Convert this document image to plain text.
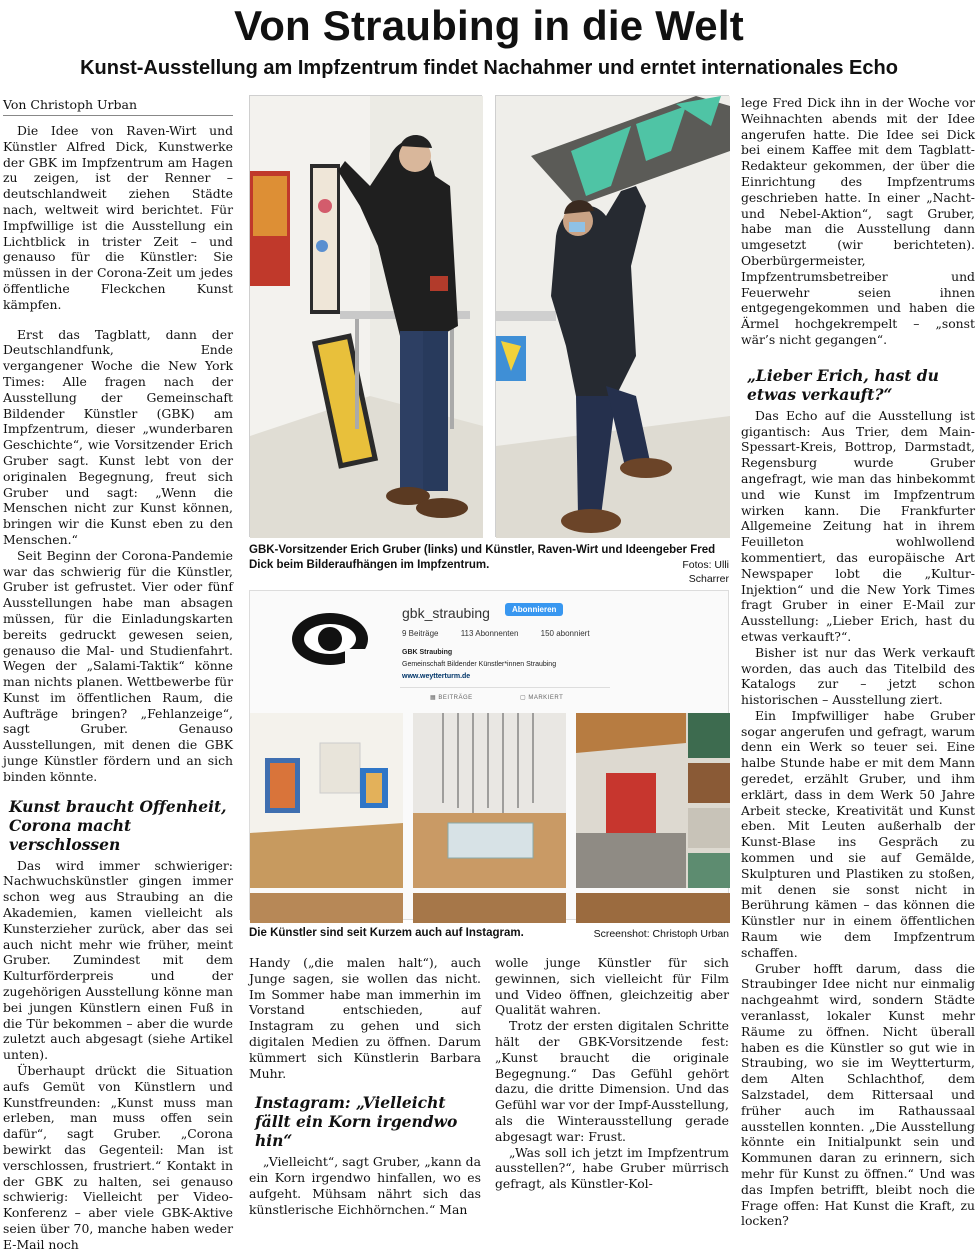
Von Straubing in die Welt
Kunst-Ausstellung am Impfzentrum findet Nachahmer und erntet internationales Echo
Von Christoph Urban

Die Idee von Raven-Wirt und Künstler Alfred Dick, Kunstwerke der GBK im Impfzentrum am Hagen zu zeigen, ist der Renner – deutschlandweit ziehen Städte nach, weltweit wird berichtet. Für Impfwillige ist die Ausstellung ein Lichtblick in trister Zeit – und genauso für die Künstler: Sie müssen in der Corona-Zeit um jedes öffentliche Fleckchen Kunst kämpfen.

Erst das Tagblatt, dann der Deutschlandfunk, Ende vergangener Woche die New York Times: Alle fragen nach der Ausstellung der Gemeinschaft Bildender Künstler (GBK) am Impfzentrum, dieser „wunderbaren Geschichte“, wie Vorsitzender Erich Gruber sagt. Kunst lebt von der originalen Begegnung, freut sich Gruber und sagt: „Wenn die Menschen nicht zur Kunst können, bringen wir die Kunst eben zu den Menschen.“

Seit Beginn der Corona-Pandemie war das schwierig für die Künstler, Gruber ist gefrustet. Vier oder fünf Ausstellungen habe man absagen müssen, für die Einladungskarten bereits gedruckt gewesen seien, genauso die Mal- und Studienfahrt. Wegen der „Salami-Taktik“ könne man nichts planen. Wettbewerbe für Kunst im öffentlichen Raum, die Aufträge bringen? „Fehlanzeige“, sagt Gruber. Genauso Ausstellungen, mit denen die GBK junge Künstler fördern und an sich binden könnte.

Kunst braucht Offenheit, Corona macht verschlossen

Das wird immer schwieriger: Nachwuchskünstler gingen immer schon weg aus Straubing an die Akademien, kamen vielleicht als Kunsterzieher zurück, aber das sei auch nicht mehr wie früher, meint Gruber. Zumindest mit dem Kulturförderpreis und der zugehörigen Ausstellung könne man bei jungen Künstlern einen Fuß in die Tür bekommen – aber die wurde zuletzt auch abgesagt (siehe Artikel unten).

Überhaupt drückt die Situation aufs Gemüt von Künstlern und Kunstfreunden: „Kunst muss man erleben, man muss offen sein dafür“, sagt Gruber. „Corona bewirkt das Gegenteil: Man ist verschlossen, frustriert.“ Kontakt in der GBK zu halten, sei genauso schwierig: Vielleicht per Video-Konferenz – aber viele GBK-Aktive seien über 70, manche haben weder E-Mail noch

GBK-Vorsitzender Erich Gruber (links) und Künstler, Raven-Wirt und Ideengeber Fred Dick beim Bilderaufhängen im Impfzentrum.	Fotos: Ulli Scharrer
gbk_straubing	Abonnieren
9 Beiträge	113 Abonnenten	150 abonniert
GBK Straubing
Gemeinschaft Bildender Künstler*innen Straubing
www.weytterturm.de
▦ BEITRÄGE	▢ MARKIERT
Die Künstler sind seit Kurzem auch auf Instagram.	Screenshot: Christoph Urban

Handy („die malen halt“), auch Junge sagen, sie wollen das nicht. Im Sommer habe man immerhin im Vorstand entschieden, auf Instagram zu gehen und sich digitalen Medien zu öffnen. Darum kümmert sich Künstlerin Barbara Muhr.

Instagram: „Vielleicht fällt ein Korn irgendwo hin“

„Vielleicht“, sagt Gruber, „kann da ein Korn irgendwo hinfallen, wo es aufgeht. Mühsam nährt sich das künstlerische Eichhörnchen.“ Man

wolle junge Künstler für sich gewinnen, sich vielleicht für Film und Video öffnen, gleichzeitig aber Qualität wahren.

Trotz der ersten digitalen Schritte hält der GBK-Vorsitzende fest: „Kunst braucht die originale Begegnung.“ Das Gefühl gehört dazu, die dritte Dimension. Und das Gefühl war vor der Impf-Ausstellung, als die Winterausstellung gerade abgesagt war: Frust.

„Was soll ich jetzt im Impfzentrum ausstellen?“, habe Gruber mürrisch gefragt, als Künstler-Kol-

lege Fred Dick ihn in der Woche vor Weihnachten abends mit der Idee angerufen hatte. Die Idee sei Dick bei einem Kaffee mit dem Tagblatt-Redakteur gekommen, der über die Einrichtung des Impfzentrums geschrieben hatte. In einer „Nacht- und Nebel-Aktion“, sagt Gruber, habe man die Ausstellung dann umgesetzt (wir berichteten). Oberbürgermeister, Impfzentrumsbetreiber und Feuerwehr seien ihnen entgegengekommen und haben die Ärmel hochgekrempelt – „sonst wär’s nicht gegangen“.

„Lieber Erich, hast du etwas verkauft?“

Das Echo auf die Ausstellung ist gigantisch: Aus Trier, dem Main-Spessart-Kreis, Bottrop, Darmstadt, Regensburg wurde Gruber angefragt, wie man das hinbekommt und wie Kunst im Impfzentrum wirken kann. Die Frankfurter Allgemeine Zeitung hat in ihrem Feuilleton wohlwollend kommentiert, das europäische Art Newspaper lobt die „Kultur-Injektion“ und die New York Times fragt Gruber in einer E-Mail zur Ausstellung: „Lieber Erich, hast du etwas verkauft?“.

Bisher ist nur das Werk verkauft worden, das auch das Titelbild des Katalogs zur – jetzt schon historischen – Ausstellung ziert.

Ein Impfwilliger habe Gruber sogar angerufen und gefragt, warum denn ein Werk so teuer sei. Eine halbe Stunde habe er mit dem Mann geredet, erzählt Gruber, und ihm erklärt, dass in dem Werk 50 Jahre Arbeit stecke, Kreativität und Kunst eben. Mit Leuten außerhalb der Kunst-Blase ins Gespräch zu kommen und sie auf Gemälde, Skulpturen und Plastiken zu stoßen, mit denen sie sonst nicht in Berührung kämen – das können die Künstler nur in einem öffentlichen Raum wie dem Impfzentrum schaffen.

Gruber hofft darum, dass die Straubinger Idee nicht nur einmalig nachgeahmt wird, sondern Städte veranlasst, lokaler Kunst mehr Räume zu öffnen. Nicht überall haben es die Künstler so gut wie in Straubing, wo sie im Weytterturm, dem Alten Schlachthof, dem Salzstadel, dem Rittersaal und früher auch im Rathaussaal ausstellen konnten. „Die Ausstellung könnte ein Initialpunkt sein und Kommunen daran zu erinnern, sich mehr für Kunst zu öffnen.“ Und was das Impfen betrifft, bleibt noch die Frage offen: Hat Kunst die Kraft, zu locken?
